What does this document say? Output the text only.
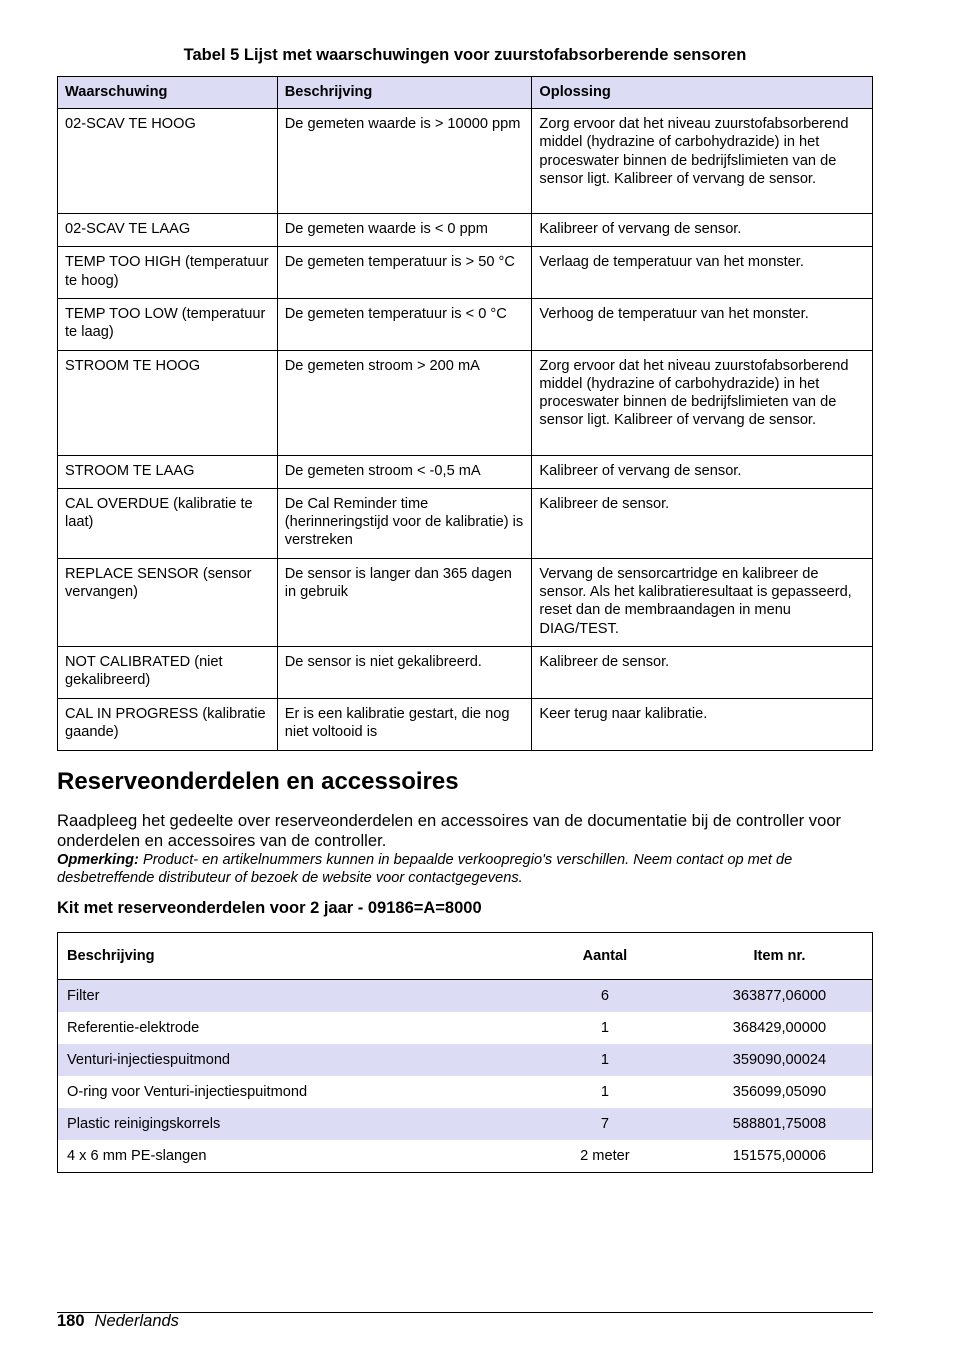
Tabel 5 Lijst met waarschuwingen voor zuurstofabsorberende sensoren
Waarschuwing	Beschrijving	Oplossing
02-SCAV TE HOOG	De gemeten waarde is > 10000 ppm	Zorg ervoor dat het niveau zuurstofabsorberend middel (hydrazine of carbohydrazide) in het proceswater binnen de bedrijfslimieten van de sensor ligt. Kalibreer of vervang de sensor.
02-SCAV TE LAAG	De gemeten waarde is < 0 ppm	Kalibreer of vervang de sensor.
TEMP TOO HIGH (temperatuur te hoog)	De gemeten temperatuur is > 50 °C	Verlaag de temperatuur van het monster.
TEMP TOO LOW (temperatuur te laag)	De gemeten temperatuur is < 0 °C	Verhoog de temperatuur van het monster.
STROOM TE HOOG	De gemeten stroom > 200 mA	Zorg ervoor dat het niveau zuurstofabsorberend middel (hydrazine of carbohydrazide) in het proceswater binnen de bedrijfslimieten van de sensor ligt. Kalibreer of vervang de sensor.
STROOM TE LAAG	De gemeten stroom < -0,5 mA	Kalibreer of vervang de sensor.
CAL OVERDUE (kalibratie te laat)	De Cal Reminder time (herinneringstijd voor de kalibratie) is verstreken	Kalibreer de sensor.
REPLACE SENSOR (sensor vervangen)	De sensor is langer dan 365 dagen in gebruik	Vervang de sensorcartridge en kalibreer de sensor. Als het kalibratieresultaat is gepasseerd, reset dan de membraandagen in menu DIAG/TEST.
NOT CALIBRATED (niet gekalibreerd)	De sensor is niet gekalibreerd.	Kalibreer de sensor.
CAL IN PROGRESS (kalibratie gaande)	Er is een kalibratie gestart, die nog niet voltooid is	Keer terug naar kalibratie.
Reserveonderdelen en accessoires

Raadpleeg het gedeelte over reserveonderdelen en accessoires van de documentatie bij de controller voor onderdelen en accessoires van de controller.

Opmerking: Product- en artikelnummers kunnen in bepaalde verkoopregio's verschillen. Neem contact op met de desbetreffende distributeur of bezoek de website voor contactgegevens.

Kit met reserveonderdelen voor 2 jaar - 09186=A=8000
Beschrijving	Aantal	Item nr.
Filter	6	363877,06000
Referentie-elektrode	1	368429,00000
Venturi-injectiespuitmond	1	359090,00024
O-ring voor Venturi-injectiespuitmond	1	356099,05090
Plastic reinigingskorrels	7	588801,75008
4 x 6 mm PE-slangen	2 meter	151575,00006
180 Nederlands
